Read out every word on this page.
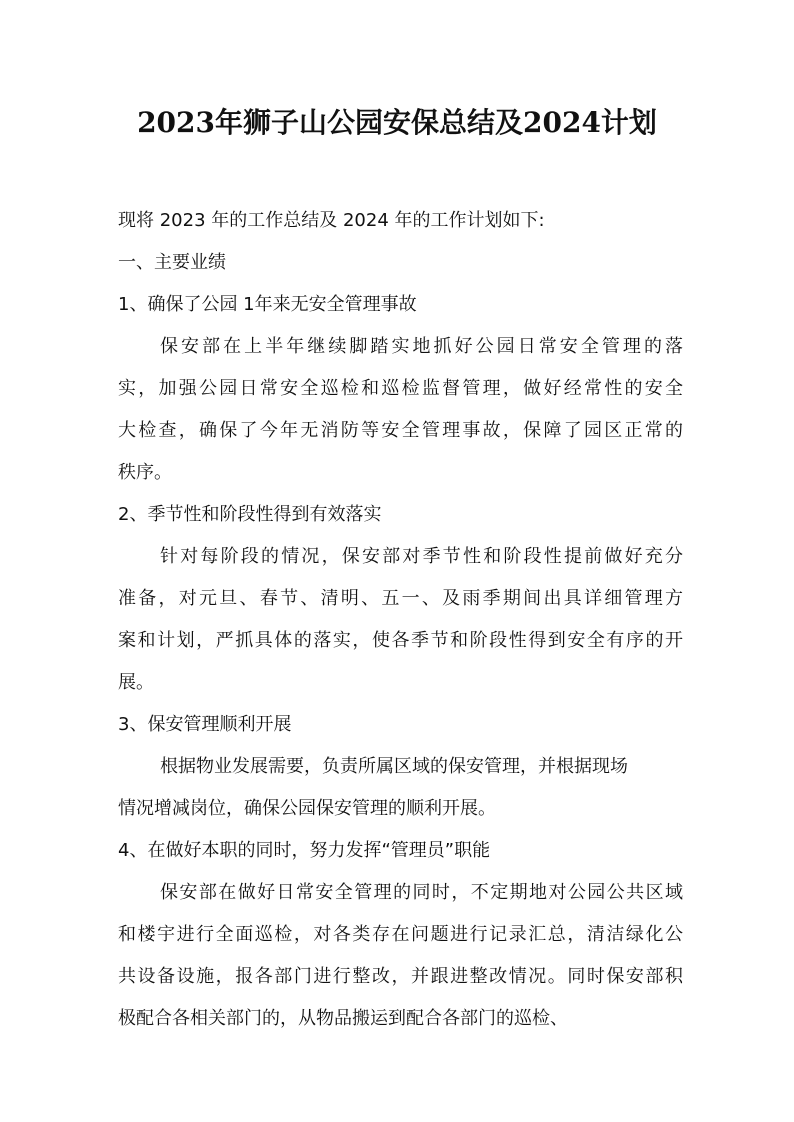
2023年狮子山公园安保总结及2024计划
现将 2023 年的工作总结及 2024 年的工作计划如下:
一、主要业绩
1、确保了公园 1年来无安全管理事故
保安部在上半年继续脚踏实地抓好公园日常安全管理的落
实，加强公园日常安全巡检和巡检监督管理，做好经常性的安全
大检查，确保了今年无消防等安全管理事故，保障了园区正常的
秩序。
2、季节性和阶段性得到有效落实
针对每阶段的情况，保安部对季节性和阶段性提前做好充分
准备，对元旦、春节、清明、五一、及雨季期间出具详细管理方
案和计划，严抓具体的落实，使各季节和阶段性得到安全有序的开
展。
3、保安管理顺利开展
根据物业发展需要，负责所属区域的保安管理，并根据现场
情况增减岗位，确保公园保安管理的顺利开展。
4、在做好本职的同时，努力发挥“管理员”职能
保安部在做好日常安全管理的同时，不定期地对公园公共区域
和楼宇进行全面巡检，对各类存在问题进行记录汇总，清洁绿化公
共设备设施，报各部门进行整改，并跟进整改情况。同时保安部积
极配合各相关部门的，从物品搬运到配合各部门的巡检、
